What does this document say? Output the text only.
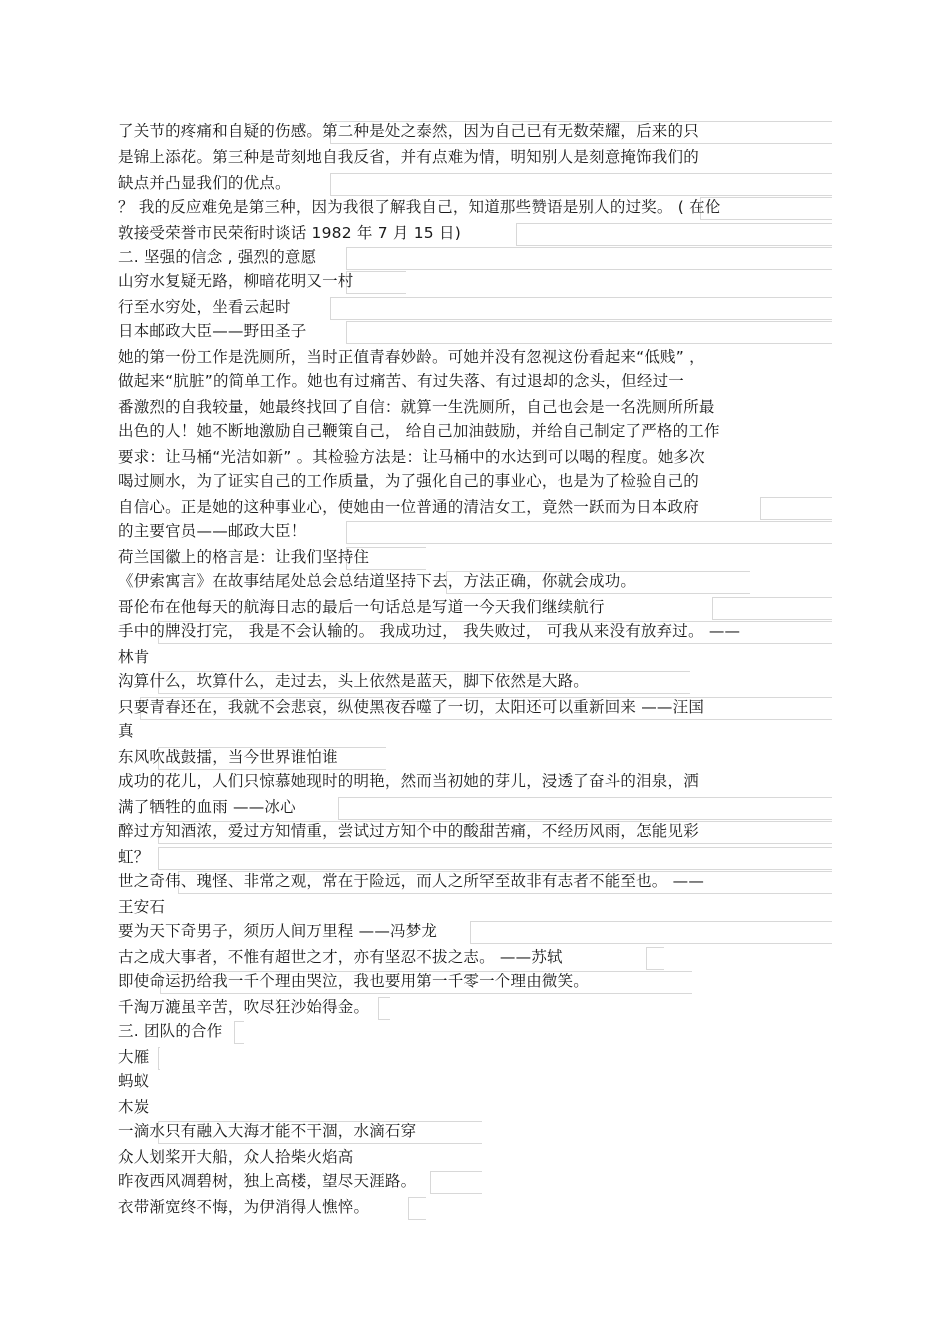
了关节的疼痛和自疑的伤感。第二种是处之泰然，因为自己已有无数荣耀，后来的只
是锦上添花。第三种是苛刻地自我反省，并有点难为情，明知别人是刻意掩饰我们的
缺点并凸显我们的优点。
？ 我的反应难免是第三种，因为我很了解我自己，知道那些赞语是别人的过奖。 ( 在伦
敦接受荣誉市民荣衔时谈话 1982 年 7 月 15 日)
二. 坚强的信念 , 强烈的意愿
山穷水复疑无路，柳暗花明又一村
行至水穷处，坐看云起时
日本邮政大臣——野田圣子
她的第一份工作是洗厕所，当时正值青春妙龄。可她并没有忽视这份看起来“低贱” ，
做起来“肮脏”的简单工作。她也有过痛苦、有过失落、有过退却的念头，但经过一
番激烈的自我较量，她最终找回了自信：就算一生洗厕所，自己也会是一名洗厕所所最
出色的人！她不断地激励自己鞭策自己， 给自己加油鼓励，并给自己制定了严格的工作
要求：让马桶“光洁如新” 。其检验方法是：让马桶中的水达到可以喝的程度。她多次
喝过厕水，为了证实自己的工作质量，为了强化自己的事业心，也是为了检验自己的
自信心。正是她的这种事业心，使她由一位普通的清洁女工，竟然一跃而为日本政府
的主要官员——邮政大臣！
荷兰国徽上的格言是：让我们坚持住
《伊索寓言》在故事结尾处总会总结道坚持下去，方法正确，你就会成功。
哥伦布在他每天的航海日志的最后一句话总是写道一今天我们继续航行
手中的牌没打完， 我是不会认输的。 我成功过， 我失败过， 可我从来没有放弃过。 ——
林肯
沟算什么，坎算什么，走过去，头上依然是蓝天，脚下依然是大路。
只要青春还在，我就不会悲哀，纵使黑夜吞噬了一切，太阳还可以重新回来 ——汪国
真
东风吹战鼓擂，当今世界谁怕谁
成功的花儿，人们只惊慕她现时的明艳，然而当初她的芽儿，浸透了奋斗的泪泉，洒
满了牺牲的血雨 ——冰心
醉过方知酒浓，爱过方知情重，尝试过方知个中的酸甜苦痛，不经历风雨，怎能见彩
虹？
世之奇伟、瑰怪、非常之观，常在于险远，而人之所罕至故非有志者不能至也。 ——
王安石
要为天下奇男子，须历人间万里程 ——冯梦龙
古之成大事者，不惟有超世之才，亦有坚忍不拔之志。 ——苏轼
即使命运扔给我一千个理由哭泣，我也要用第一千零一个理由微笑。
千淘万漉虽辛苦，吹尽狂沙始得金。
三. 团队的合作
大雁
蚂蚁
木炭
一滴水只有融入大海才能不干涸，水滴石穿
众人划桨开大船，众人拾柴火焰高
昨夜西风凋碧树，独上高楼，望尽天涯路。
衣带渐宽终不悔，为伊消得人憔悴。
